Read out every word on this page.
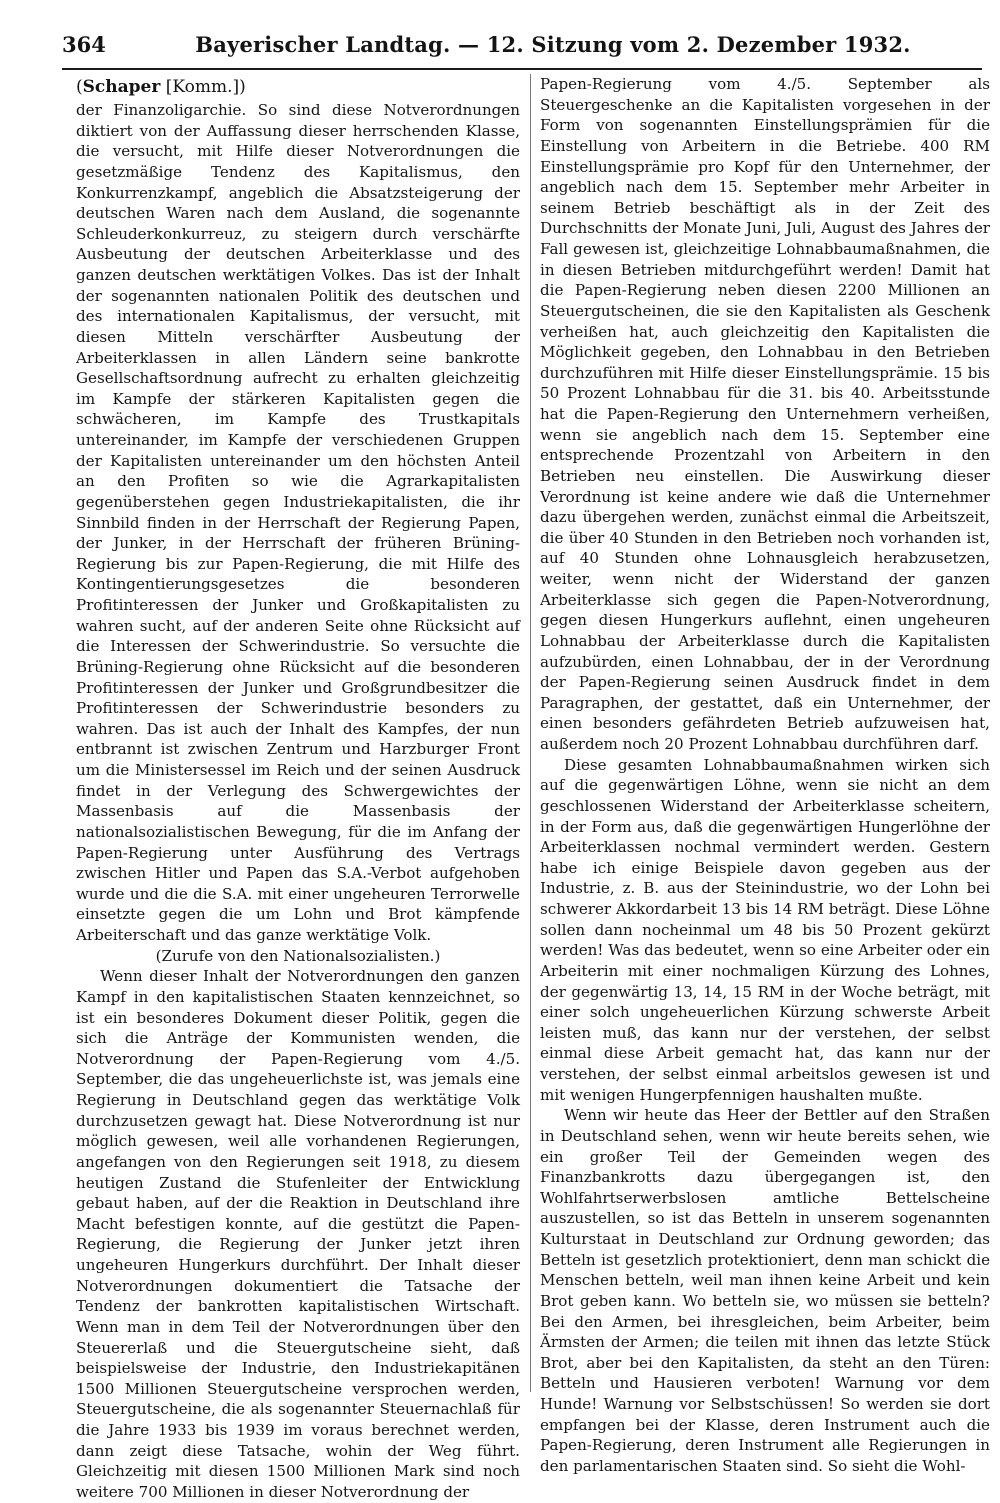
364	Bayerischer Landtag. — 12. Sitzung vom 2. Dezember 1932.

(Schaper [Komm.])

der Finanzoligarchie. So sind diese Notverordnungen diktiert von der Auffassung dieser herrschenden Klasse, die versucht, mit Hilfe dieser Notverordnungen die gesetzmäßige Tendenz des Kapitalismus, den Konkurrenzkampf, angeblich die Absatzsteigerung der deutschen Waren nach dem Ausland, die sogenannte Schleuderkonkurreuz, zu steigern durch verschärfte Ausbeutung der deutschen Arbeiterklasse und des ganzen deutschen werktätigen Volkes. Das ist der Inhalt der sogenannten nationalen Politik des deutschen und des internationalen Kapitalismus, der versucht, mit diesen Mitteln verschärfter Ausbeutung der Arbeiterklassen in allen Ländern seine bankrotte Gesellschaftsordnung aufrecht zu erhalten gleichzeitig im Kampfe der stärkeren Kapitalisten gegen die schwächeren, im Kampfe des Trustkapitals untereinander, im Kampfe der verschiedenen Gruppen der Kapitalisten untereinander um den höchsten Anteil an den Profiten so wie die Agrarkapitalisten gegenüberstehen gegen Industriekapitalisten, die ihr Sinnbild finden in der Herrschaft der Regierung Papen, der Junker, in der Herrschaft der früheren Brüning-Regierung bis zur Papen-Regierung, die mit Hilfe des Kontingentierungsgesetzes die besonderen Profitinteressen der Junker und Großkapitalisten zu wahren sucht, auf der anderen Seite ohne Rücksicht auf die Interessen der Schwerindustrie. So versuchte die Brüning-Regierung ohne Rücksicht auf die besonderen Profitinteressen der Junker und Großgrundbesitzer die Profitinteressen der Schwerindustrie besonders zu wahren. Das ist auch der Inhalt des Kampfes, der nun entbrannt ist zwischen Zentrum und Harzburger Front um die Ministersessel im Reich und der seinen Ausdruck findet in der Verlegung des Schwergewichtes der Massenbasis auf die Massenbasis der nationalsozialistischen Bewegung, für die im Anfang der Papen-Regierung unter Ausführung des Vertrags zwischen Hitler und Papen das S.A.-Verbot aufgehoben wurde und die die S.A. mit einer ungeheuren Terrorwelle einsetzte gegen die um Lohn und Brot kämpfende Arbeiterschaft und das ganze werktätige Volk.

(Zurufe von den Nationalsozialisten.)

Wenn dieser Inhalt der Notverordnungen den ganzen Kampf in den kapitalistischen Staaten kennzeichnet, so ist ein besonderes Dokument dieser Politik, gegen die sich die Anträge der Kommunisten wenden, die Notverordnung der Papen-Regierung vom 4./5. September, die das ungeheuerlichste ist, was jemals eine Regierung in Deutschland gegen das werktätige Volk durchzusetzen gewagt hat. Diese Notverordnung ist nur möglich gewesen, weil alle vorhandenen Regierungen, angefangen von den Regierungen seit 1918, zu diesem heutigen Zustand die Stufenleiter der Entwicklung gebaut haben, auf der die Reaktion in Deutschland ihre Macht befestigen konnte, auf die gestützt die Papen-Regierung, die Regierung der Junker jetzt ihren ungeheuren Hungerkurs durchführt. Der Inhalt dieser Notverordnungen dokumentiert die Tatsache der Tendenz der bankrotten kapitalistischen Wirtschaft. Wenn man in dem Teil der Notverordnungen über den Steuererlaß und die Steuergutscheine sieht, daß beispielsweise der Industrie, den Industriekapitänen 1500 Millionen Steuergutscheine versprochen werden, Steuergutscheine, die als sogenannter Steuernachlaß für die Jahre 1933 bis 1939 im voraus berechnet werden, dann zeigt diese Tatsache, wohin der Weg führt. Gleichzeitig mit diesen 1500 Millionen Mark sind noch weitere 700 Millionen in dieser Notverordnung der

Papen-Regierung vom 4./5. September als Steuergeschenke an die Kapitalisten vorgesehen in der Form von sogenannten Einstellungsprämien für die Einstellung von Arbeitern in die Betriebe. 400 RM Einstellungsprämie pro Kopf für den Unternehmer, der angeblich nach dem 15. September mehr Arbeiter in seinem Betrieb beschäftigt als in der Zeit des Durchschnitts der Monate Juni, Juli, August des Jahres der Fall gewesen ist, gleichzeitige Lohnabbaumaßnahmen, die in diesen Betrieben mitdurchgeführt werden! Damit hat die Papen-Regierung neben diesen 2200 Millionen an Steuergutscheinen, die sie den Kapitalisten als Geschenk verheißen hat, auch gleichzeitig den Kapitalisten die Möglichkeit gegeben, den Lohnabbau in den Betrieben durchzuführen mit Hilfe dieser Einstellungsprämie. 15 bis 50 Prozent Lohnabbau für die 31. bis 40. Arbeitsstunde hat die Papen-Regierung den Unternehmern verheißen, wenn sie angeblich nach dem 15. September eine entsprechende Prozentzahl von Arbeitern in den Betrieben neu einstellen. Die Auswirkung dieser Verordnung ist keine andere wie daß die Unternehmer dazu übergehen werden, zunächst einmal die Arbeitszeit, die über 40 Stunden in den Betrieben noch vorhanden ist, auf 40 Stunden ohne Lohnausgleich herabzusetzen, weiter, wenn nicht der Widerstand der ganzen Arbeiterklasse sich gegen die Papen-Notverordnung, gegen diesen Hungerkurs auflehnt, einen ungeheuren Lohnabbau der Arbeiterklasse durch die Kapitalisten aufzubürden, einen Lohnabbau, der in der Verordnung der Papen-Regierung seinen Ausdruck findet in dem Paragraphen, der gestattet, daß ein Unternehmer, der einen besonders gefährdeten Betrieb aufzuweisen hat, außerdem noch 20 Prozent Lohnabbau durchführen darf.

Diese gesamten Lohnabbaumaßnahmen wirken sich auf die gegenwärtigen Löhne, wenn sie nicht an dem geschlossenen Widerstand der Arbeiterklasse scheitern, in der Form aus, daß die gegenwärtigen Hungerlöhne der Arbeiterklassen nochmal vermindert werden. Gestern habe ich einige Beispiele davon gegeben aus der Industrie, z. B. aus der Steinindustrie, wo der Lohn bei schwerer Akkordarbeit 13 bis 14 RM beträgt. Diese Löhne sollen dann nocheinmal um 48 bis 50 Prozent gekürzt werden! Was das bedeutet, wenn so eine Arbeiter oder ein Arbeiterin mit einer nochmaligen Kürzung des Lohnes, der gegenwärtig 13, 14, 15 RM in der Woche beträgt, mit einer solch ungeheuerlichen Kürzung schwerste Arbeit leisten muß, das kann nur der verstehen, der selbst einmal diese Arbeit gemacht hat, das kann nur der verstehen, der selbst einmal arbeitslos gewesen ist und mit wenigen Hungerpfennigen haushalten mußte.

Wenn wir heute das Heer der Bettler auf den Straßen in Deutschland sehen, wenn wir heute bereits sehen, wie ein großer Teil der Gemeinden wegen des Finanzbankrotts dazu übergegangen ist, den Wohlfahrtserwerbslosen amtliche Bettelscheine auszustellen, so ist das Betteln in unserem sogenannten Kulturstaat in Deutschland zur Ordnung geworden; das Betteln ist gesetzlich protektioniert, denn man schickt die Menschen betteln, weil man ihnen keine Arbeit und kein Brot geben kann. Wo betteln sie, wo müssen sie betteln? Bei den Armen, bei ihresgleichen, beim Arbeiter, beim Ärmsten der Armen; die teilen mit ihnen das letzte Stück Brot, aber bei den Kapitalisten, da steht an den Türen: Betteln und Hausieren verboten! Warnung vor dem Hunde! Warnung vor Selbstschüssen! So werden sie dort empfangen bei der Klasse, deren Instrument auch die Papen-Regierung, deren Instrument alle Regierungen in den parlamentarischen Staaten sind. So sieht die Wohl-
